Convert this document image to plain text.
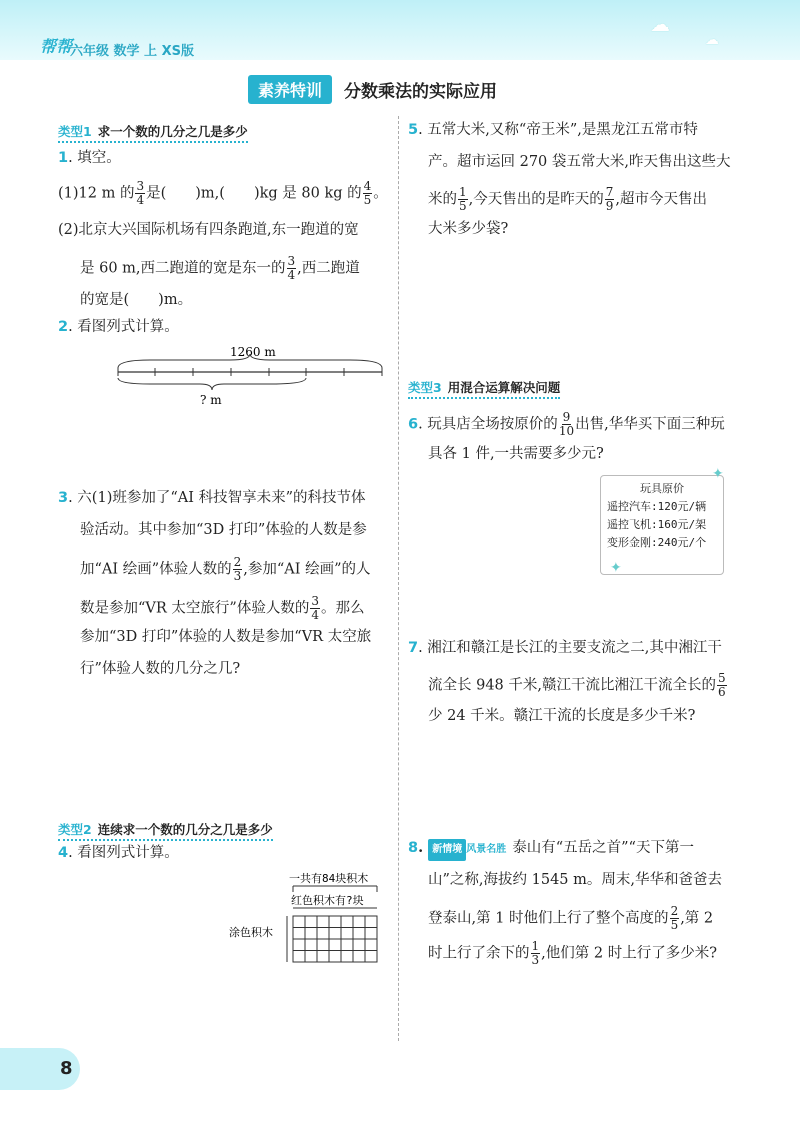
帮帮
六年级 数学 上 XS版
☁
☁
素养特训	分数乘法的实际应用
类型1 求一个数的几分之几是多少
1. 填空。
(1)12 m 的 $\frac{3}{4}$ 是(　　)m,(　　)kg 是 80 kg 的 $\frac{4}{5}$ 。
(2)北京大兴国际机场有四条跑道,东一跑道的宽
是 60 m,西二跑道的宽是东一的 $\frac{3}{4}$ ,西二跑道
的宽是(　　)m。
2. 看图列式计算。
1260 m
? m
3. 六(1)班参加了“AI 科技智享未来”的科技节体
验活动。其中参加“3D 打印”体验的人数是参
加“AI 绘画”体验人数的 $\frac{2}{3}$ ,参加“AI 绘画”的人
数是参加“VR 太空旅行”体验人数的 $\frac{3}{4}$ 。那么
参加“3D 打印”体验的人数是参加“VR 太空旅
行”体验人数的几分之几?
类型2 连续求一个数的几分之几是多少
4. 看图列式计算。
一共有84块积木
红色积木有?块
涂色积木
5. 五常大米,又称“帝王米”,是黑龙江五常市特
产。超市运回 270 袋五常大米,昨天售出这些大
米的 $\frac{1}{5}$ ,今天售出的是昨天的 $\frac{7}{9}$ ,超市今天售出
大米多少袋?
类型3 用混合运算解决问题
6. 玩具店全场按原价的 $\frac{9}{10}$ 出售,华华买下面三种玩
具各 1 件,一共需要多少元?
玩具原价
遥控汽车:120元/辆
遥控飞机:160元/架
变形金刚:240元/个
✦
✦
7. 湘江和赣江是长江的主要支流之二,其中湘江干
流全长 948 千米,赣江干流比湘江干流全长的 $\frac{5}{6}$
少 24 千米。赣江干流的长度是多少千米?
8. 新情境 风景名胜 泰山有“五岳之首”“天下第一
山”之称,海拔约 1545 m。周末,华华和爸爸去
登泰山,第 1 时他们上行了整个高度的 $\frac{2}{5}$ ,第 2
时上行了余下的 $\frac{1}{3}$ ,他们第 2 时上行了多少米?
8
